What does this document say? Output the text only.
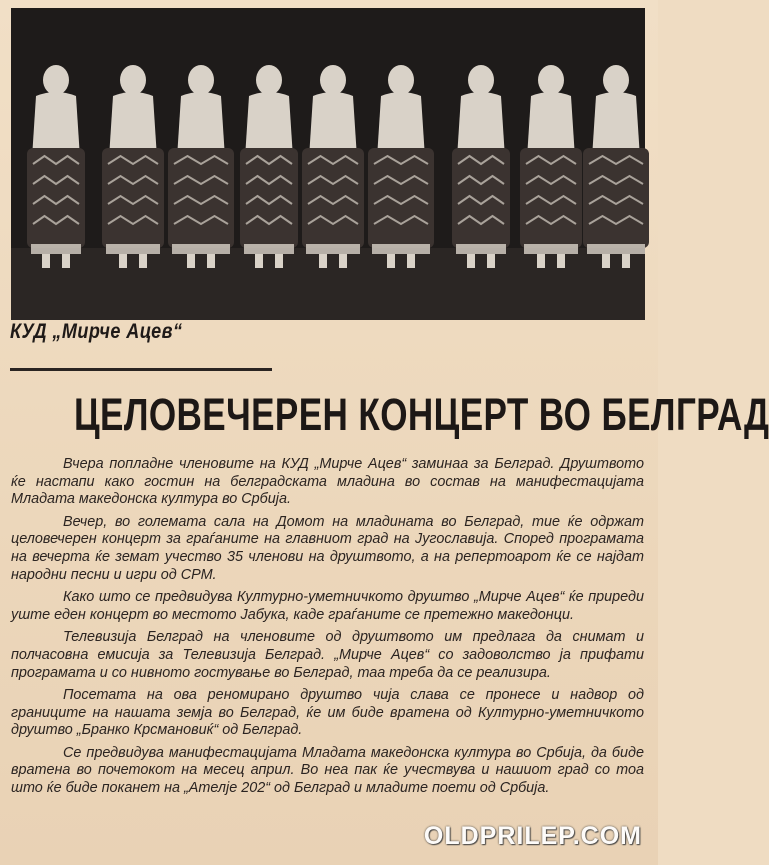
КУД „Мирче Ацев“
ЦЕЛОВЕЧЕРЕН КОНЦЕРТ ВО БЕЛГРАД

Вчера попладне членовите на КУД „Мирче Ацев“ заминаа за Белград. Друштвото ќе настапи како гостин на белградската младина во состав на манифестацијата Младата македонска култура во Србија.

Вечер, во големата сала на Домот на младината во Белград, тие ќе одржат целовечерен концерт за граѓаните на главниот град на Југославија. Според програмата на вечерта ќе земат учество 35 членови на друштвото, а на репертоарот ќе се најдат народни песни и игри од СРМ.

Како што се предвидува Културно-уметничкото друштво „Мирче Ацев“ ќе приреди уште еден концерт во местото Јабука, каде граѓаните се претежно македонци.

Телевизија Белград на членовите од друштвото им предлага да снимат и полчасовна емисија за Телевизија Белград. „Мирче Ацев“ со задоволство ја прифати програмата и со нивното гостување во Белград, таа треба да се реализира.

Посетата на ова реномирано друштво чија слава се пронесе и надвор од границите на нашата земја во Белград, ќе им биде вратена од Културно-уметничкото друштво „Бранко Крсмановиќ“ од Белград.

Се предвидува манифестацијата Младата македонска култура во Србија, да биде вратена во почетокот на месец април. Во неа пак ќе учествува и нашиот град со тоа што ќе биде поканет на „Ателје 202“ од Белград и младите поети од Србија.

OLDPRILEP.COM
